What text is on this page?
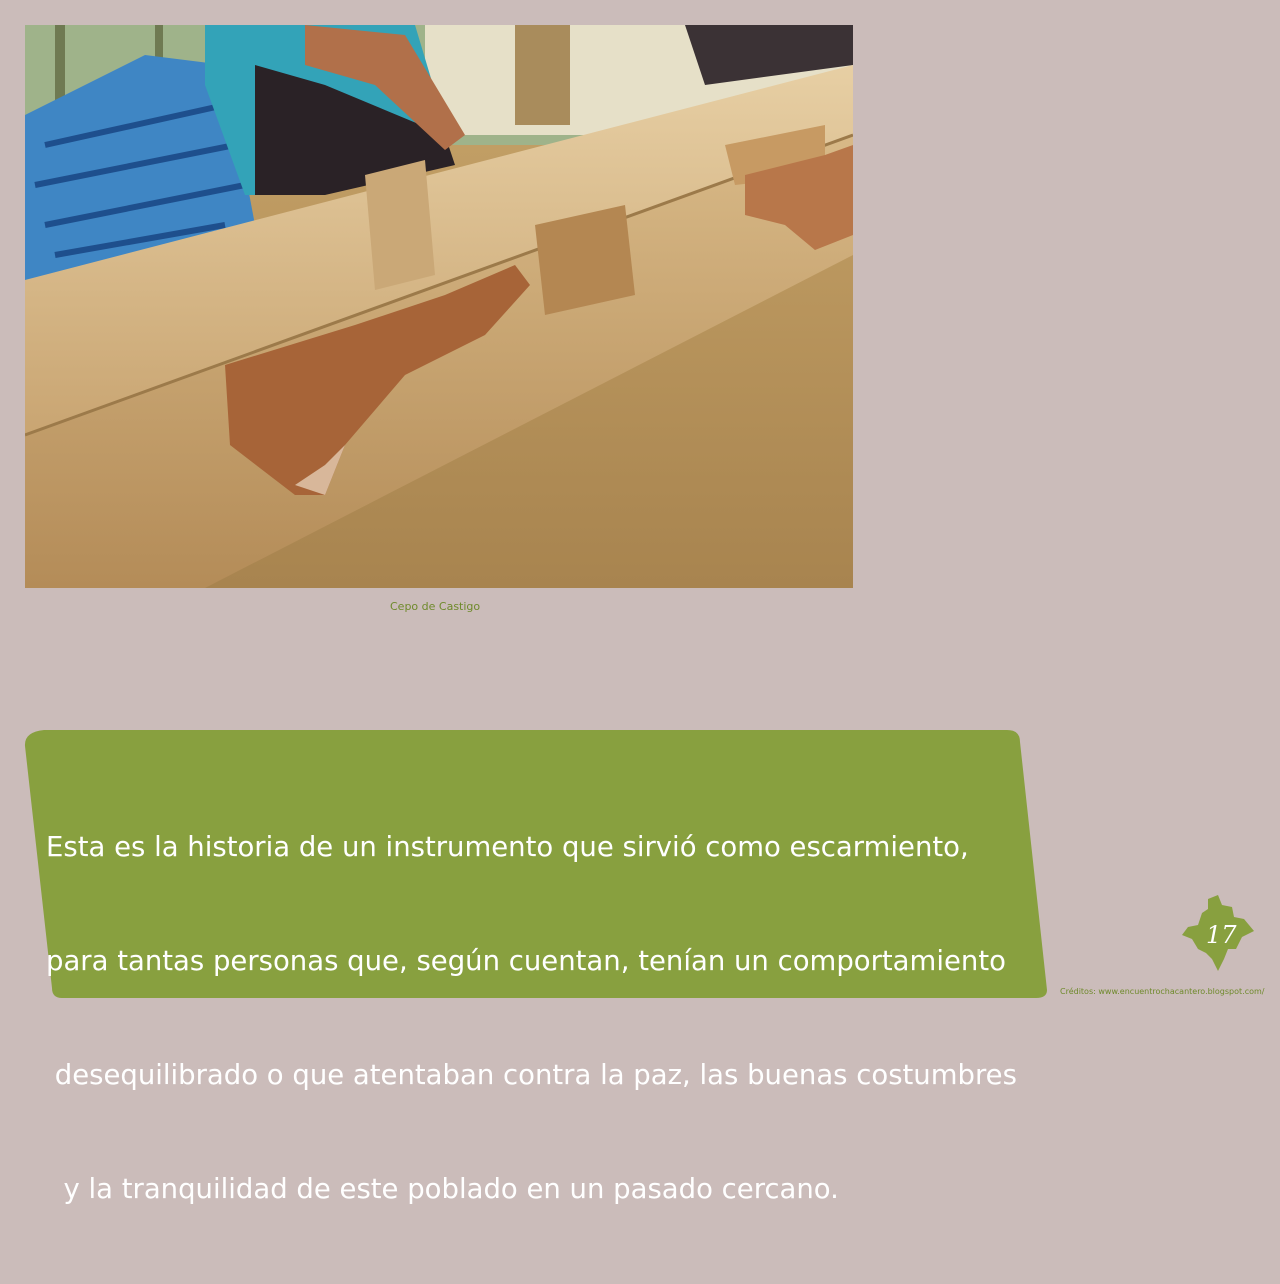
Cepo de Castigo

Esta es la historia de un instrumento que sirvió como escarmiento,

para tantas personas que, según cuentan, tenían un comportamiento

desequilibrado o que atentaban contra la paz, las buenas costumbres

y la tranquilidad de este poblado en un pasado cercano.

17
Créditos: www.encuentrochacantero.blogspot.com/
